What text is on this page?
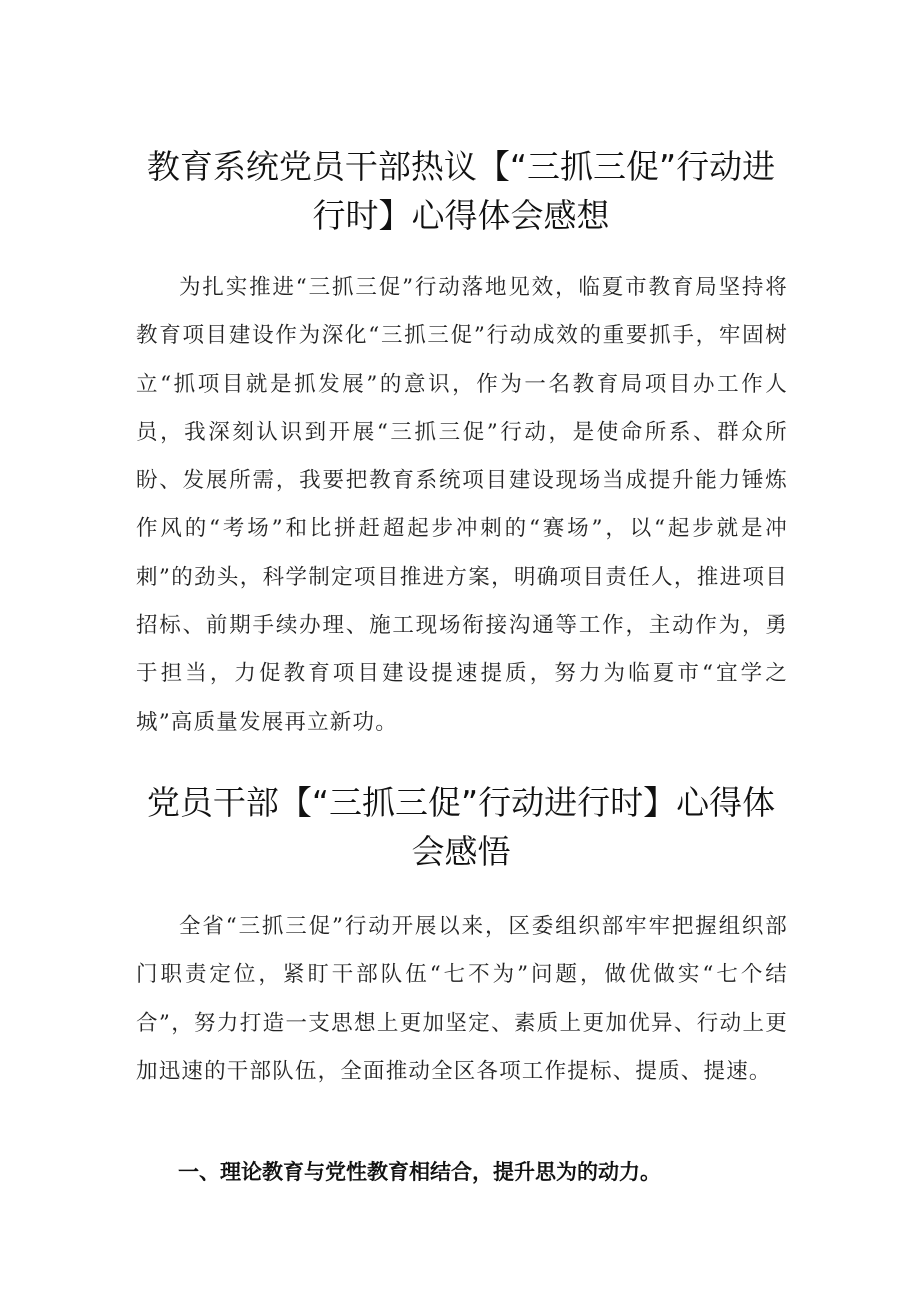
教育系统党员干部热议【“三抓三促”行动进行时】心得体会感想

为扎实推进“三抓三促”行动落地见效，临夏市教育局坚持将教育项目建设作为深化“三抓三促”行动成效的重要抓手，牢固树立“抓项目就是抓发展”的意识，作为一名教育局项目办工作人员，我深刻认识到开展“三抓三促”行动，是使命所系、群众所盼、发展所需，我要把教育系统项目建设现场当成提升能力锤炼作风的“考场”和比拼赶超起步冲刺的“赛场”，以“起步就是冲刺”的劲头，科学制定项目推进方案，明确项目责任人，推进项目招标、前期手续办理、施工现场衔接沟通等工作，主动作为，勇于担当，力促教育项目建设提速提质，努力为临夏市“宜学之城”高质量发展再立新功。

党员干部【“三抓三促”行动进行时】心得体会感悟

全省“三抓三促”行动开展以来，区委组织部牢牢把握组织部门职责定位，紧盯干部队伍“七不为”问题，做优做实“七个结合”，努力打造一支思想上更加坚定、素质上更加优异、行动上更加迅速的干部队伍，全面推动全区各项工作提标、提质、提速。

一、理论教育与党性教育相结合，提升思为的动力。
